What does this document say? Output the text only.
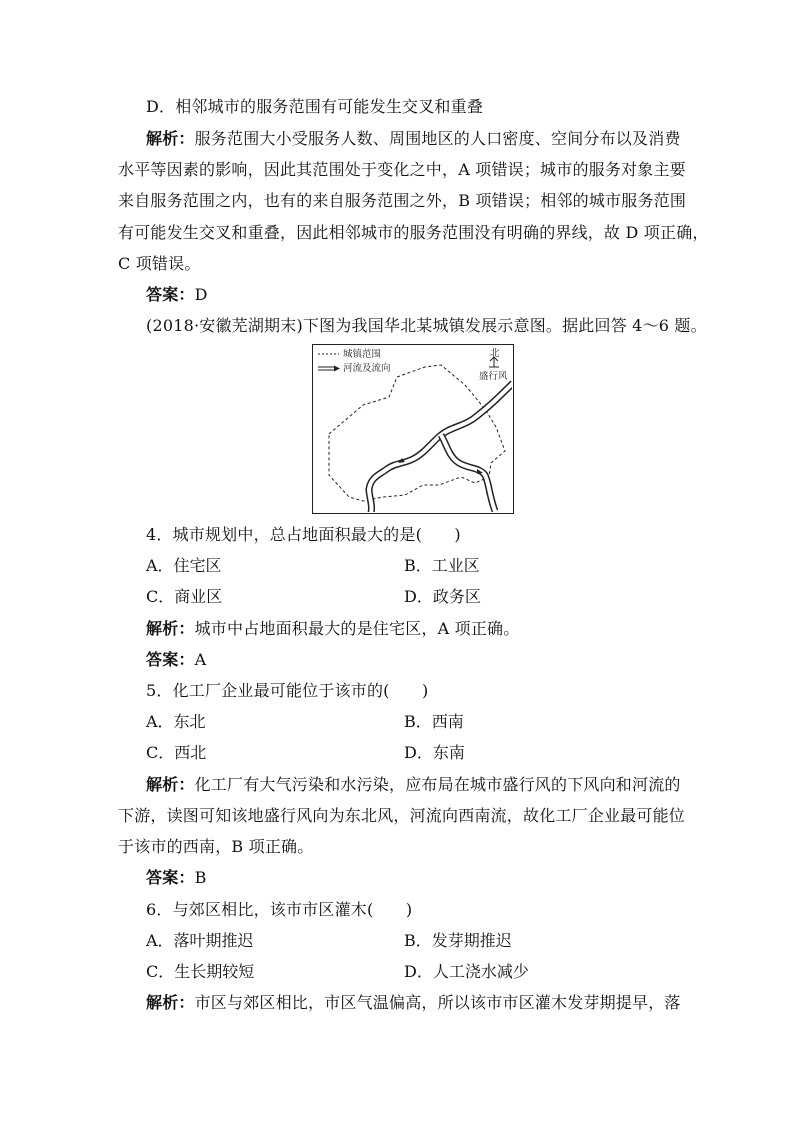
D．相邻城市的服务范围有可能发生交叉和重叠
解析：服务范围大小受服务人数、周围地区的人口密度、空间分布以及消费
水平等因素的影响，因此其范围处于变化之中，A 项错误；城市的服务对象主要
来自服务范围之内，也有的来自服务范围之外，B 项错误；相邻的城市服务范围
有可能发生交叉和重叠，因此相邻城市的服务范围没有明确的界线，故 D 项正确，
C 项错误。
答案：D
(2018·安徽芜湖期末)下图为我国华北某城镇发展示意图。据此回答 4～6 题。
城镇范围
河流及流向
北
盛行风
4．城市规划中，总占地面积最大的是(　　)
A．住宅区	B．工业区
C．商业区	D．政务区
解析：城市中占地面积最大的是住宅区，A 项正确。
答案：A
5．化工厂企业最可能位于该市的(　　)
A．东北	B．西南
C．西北	D．东南
解析：化工厂有大气污染和水污染，应布局在城市盛行风的下风向和河流的
下游，读图可知该地盛行风向为东北风，河流向西南流，故化工厂企业最可能位
于该市的西南，B 项正确。
答案：B
6．与郊区相比，该市市区灌木(　　)
A．落叶期推迟	B．发芽期推迟
C．生长期较短	D．人工浇水减少
解析：市区与郊区相比，市区气温偏高，所以该市市区灌木发芽期提早，落
